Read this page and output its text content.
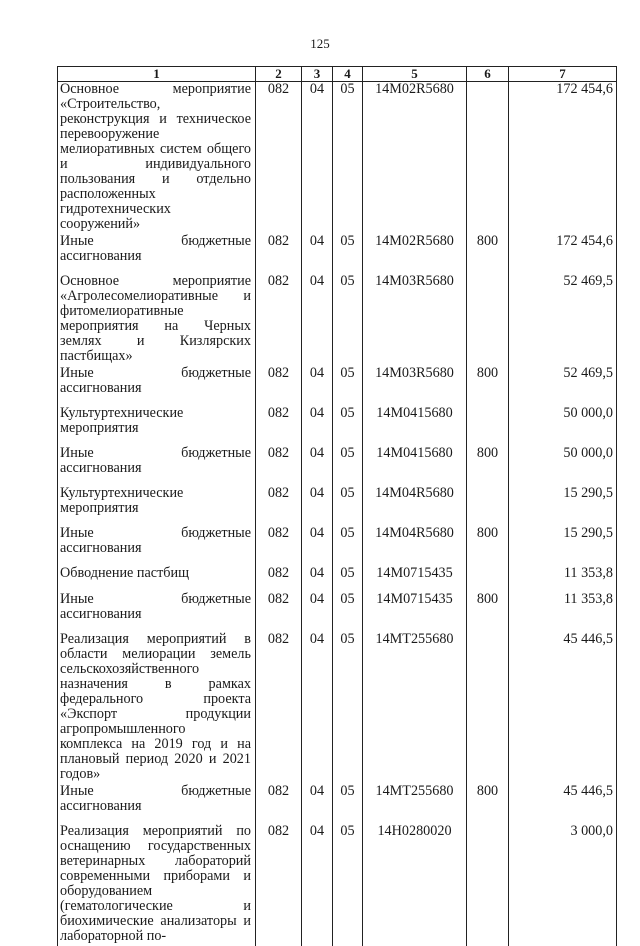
125
1	2	3	4	5	6	7
Основное мероприятие «Строительство, реконструкция и техническое перевооружение мелиоративных систем общего и индивидуального пользования и отдельно расположенных гидротехнических сооружений»	082	04	05	14М02R5680		172 454,6
Иные бюджетные ассигнования	082	04	05	14М02R5680	800	172 454,6
Основное мероприятие «Агролесомелиоративные и фитомелиоративные мероприятия на Черных землях и Кизлярских пастбищах»	082	04	05	14М03R5680		52 469,5
Иные бюджетные ассигнования	082	04	05	14М03R5680	800	52 469,5
Культуртехнические мероприятия	082	04	05	14М0415680		50 000,0
Иные бюджетные ассигнования	082	04	05	14М0415680	800	50 000,0
Культуртехнические мероприятия	082	04	05	14М04R5680		15 290,5
Иные бюджетные ассигнования	082	04	05	14М04R5680	800	15 290,5
Обводнение пастбищ	082	04	05	14М0715435		11 353,8
Иные бюджетные ассигнования	082	04	05	14М0715435	800	11 353,8
Реализация мероприятий в области мелиорации земель сельскохозяйственного назначения в рамках федерального проекта «Экспорт продукции агропромышленного комплекса на 2019 год и на плановый период 2020 и 2021 годов»	082	04	05	14МТ255680		45 446,5
Иные бюджетные ассигнования	082	04	05	14МТ255680	800	45 446,5
Реализация мероприятий по оснащению государственных ветеринарных лабораторий современными приборами и оборудованием (гематологические и биохимические анализаторы и лабораторной по-	082	04	05	14Н0280020		3 000,0
